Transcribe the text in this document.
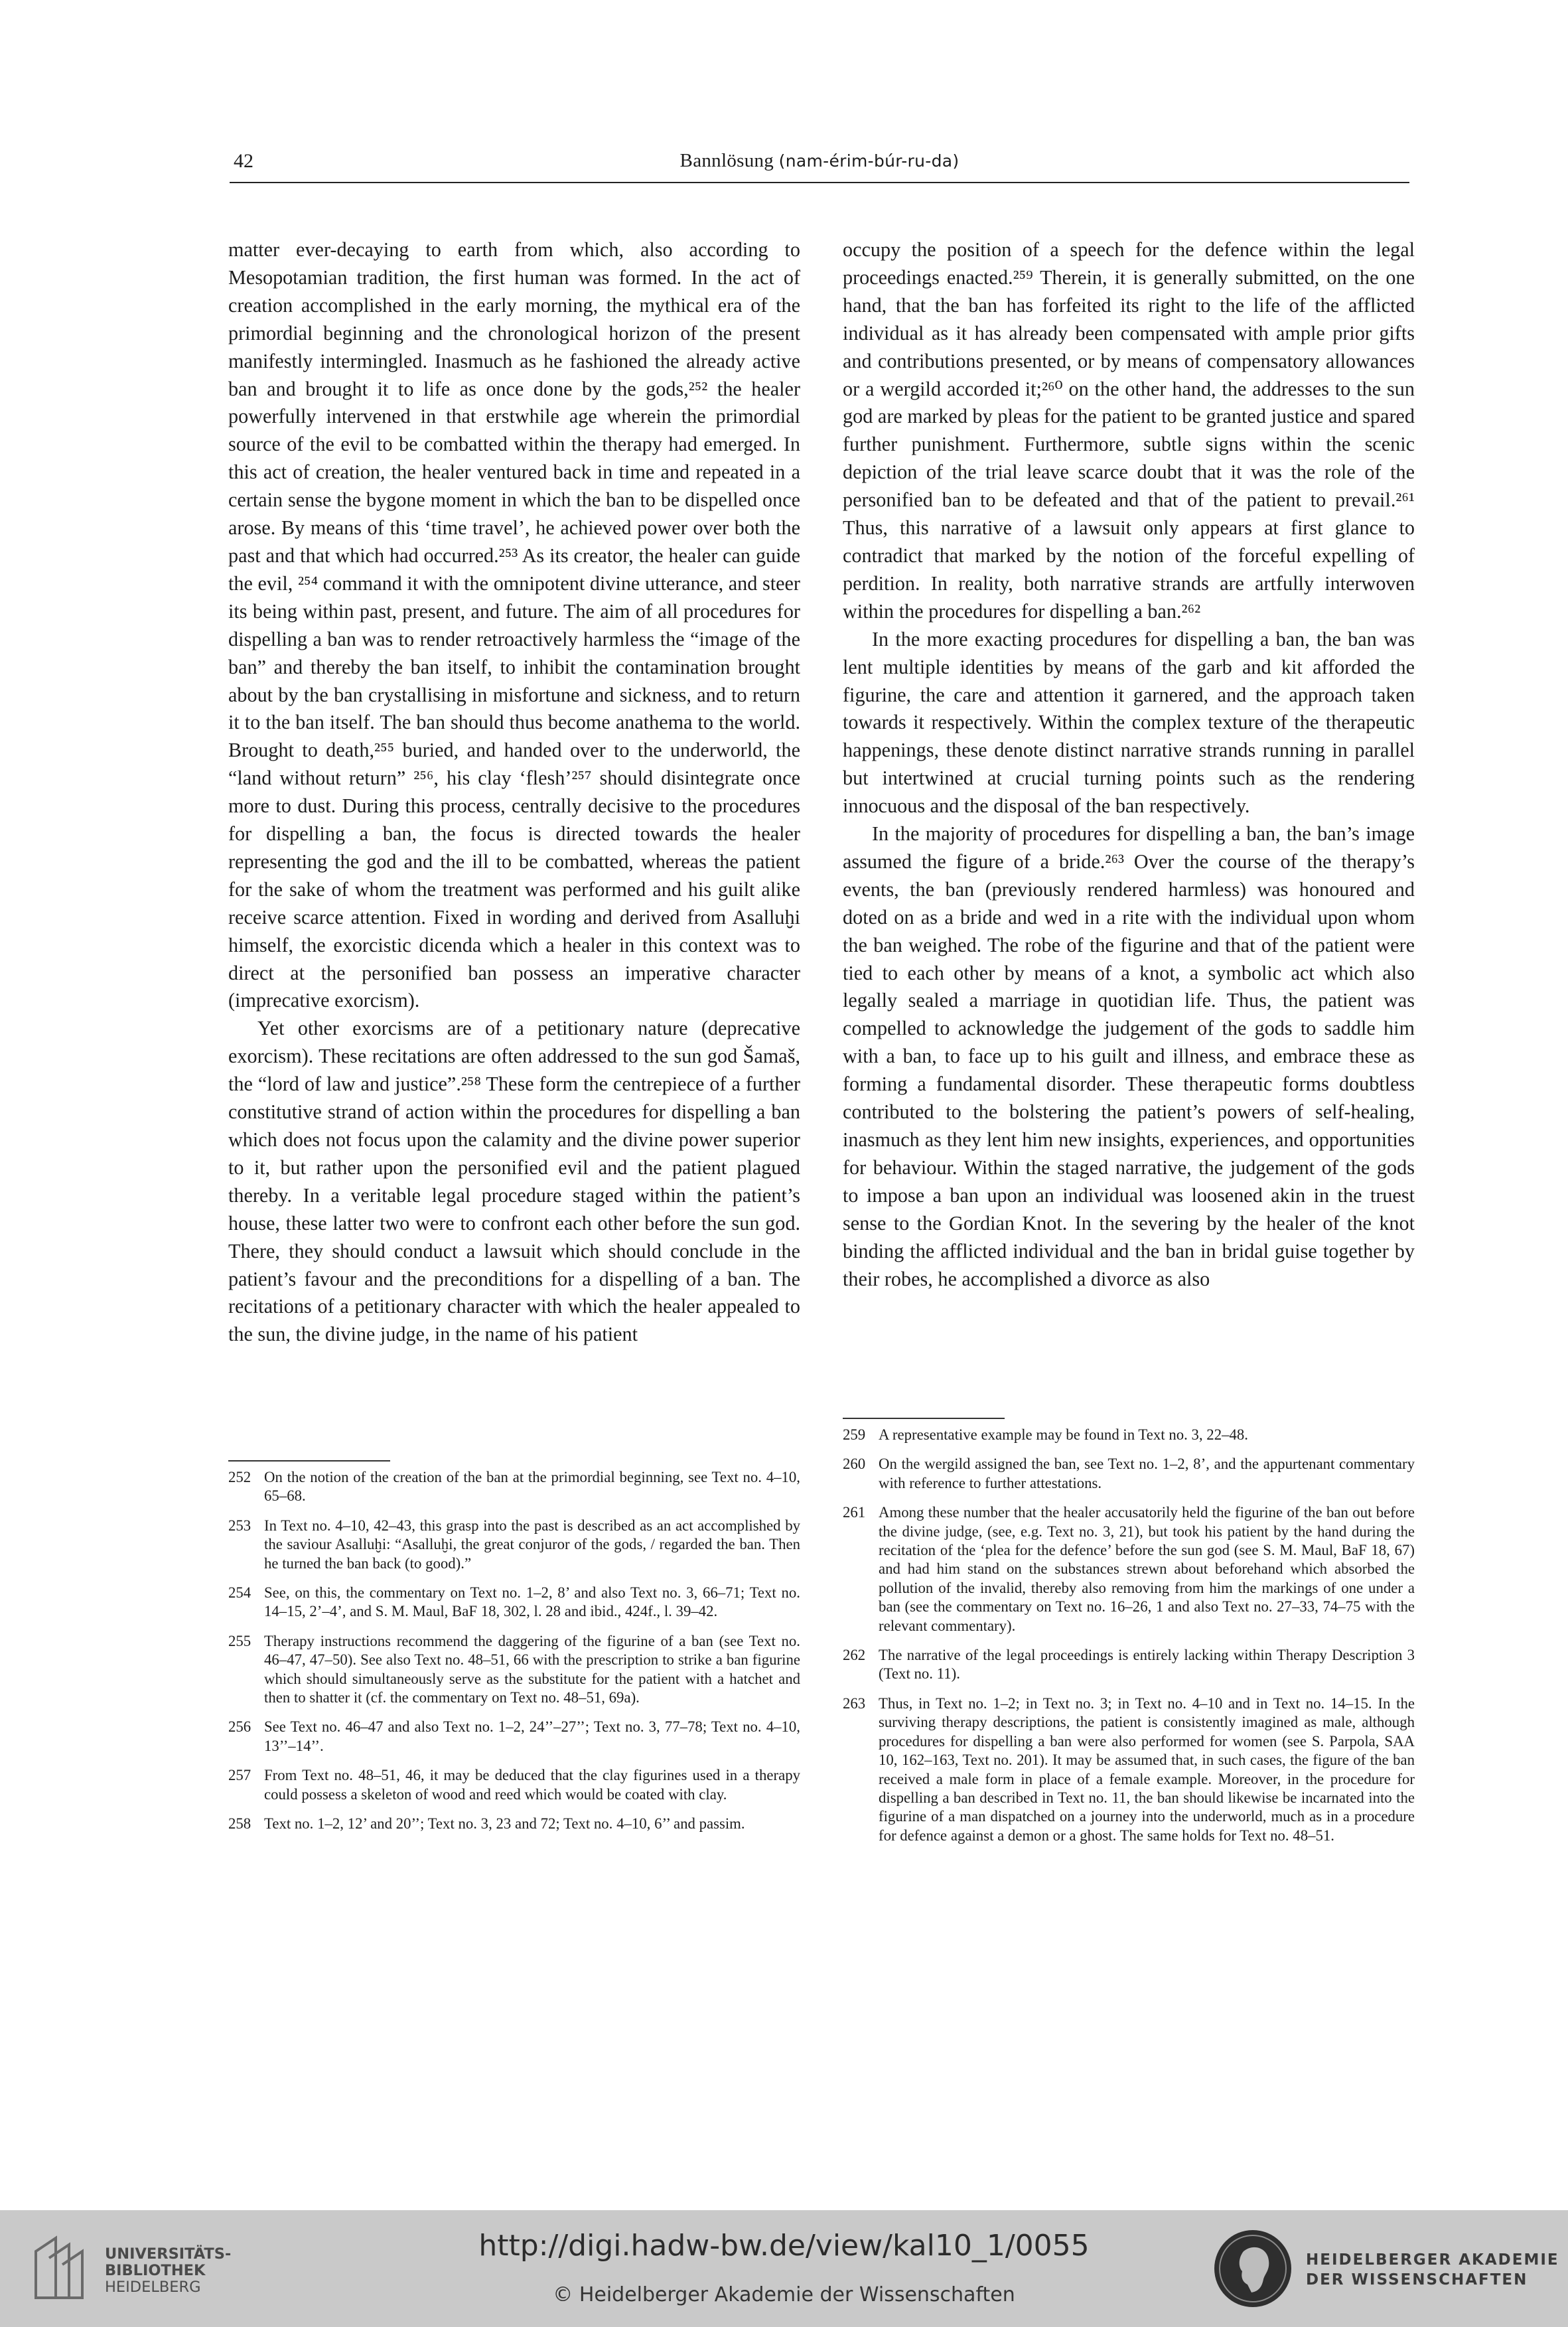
42	Bannlösung (nam-érim-búr-ru-da)

matter ever-decaying to earth from which, also according to Mesopotamian tradition, the first human was formed. In the act of creation accomplished in the early morning, the mythical era of the primordial beginning and the chronological horizon of the present manifestly intermingled. Inasmuch as he fashioned the already active ban and brought it to life as once done by the gods,²⁵² the healer powerfully intervened in that erstwhile age wherein the primordial source of the evil to be combatted within the therapy had emerged. In this act of creation, the healer ventured back in time and repeated in a certain sense the bygone moment in which the ban to be dispelled once arose. By means of this ‘time travel’, he achieved power over both the past and that which had occurred.²⁵³ As its creator, the healer can guide the evil, ²⁵⁴ command it with the omnipotent divine utterance, and steer its being within past, present, and future. The aim of all procedures for dispelling a ban was to render retroactively harmless the “image of the ban” and thereby the ban itself, to inhibit the contamination brought about by the ban crystallising in misfortune and sickness, and to return it to the ban itself. The ban should thus become anathema to the world. Brought to death,²⁵⁵ buried, and handed over to the underworld, the “land without return” ²⁵⁶, his clay ‘flesh’²⁵⁷ should disintegrate once more to dust. During this process, centrally decisive to the procedures for dispelling a ban, the focus is directed towards the healer representing the god and the ill to be combatted, whereas the patient for the sake of whom the treatment was performed and his guilt alike receive scarce attention. Fixed in wording and derived from Asalluḫi himself, the exorcistic dicenda which a healer in this context was to direct at the personified ban possess an imperative character (imprecative exorcism).

Yet other exorcisms are of a petitionary nature (deprecative exorcism). These recitations are often addressed to the sun god Šamaš, the “lord of law and justice”.²⁵⁸ These form the centrepiece of a further constitutive strand of action within the procedures for dispelling a ban which does not focus upon the calamity and the divine power superior to it, but rather upon the personified evil and the patient plagued thereby. In a veritable legal procedure staged within the patient’s house, these latter two were to confront each other before the sun god. There, they should conduct a lawsuit which should conclude in the patient’s favour and the preconditions for a dispelling of a ban. The recitations of a petitionary character with which the healer appealed to the sun, the divine judge, in the name of his patient

occupy the position of a speech for the defence within the legal proceedings enacted.²⁵⁹ Therein, it is generally submitted, on the one hand, that the ban has forfeited its right to the life of the afflicted individual as it has already been compensated with ample prior gifts and contributions presented, or by means of compensatory allowances or a wergild accorded it;²⁶⁰ on the other hand, the addresses to the sun god are marked by pleas for the patient to be granted justice and spared further punishment. Furthermore, subtle signs within the scenic depiction of the trial leave scarce doubt that it was the role of the personified ban to be defeated and that of the patient to prevail.²⁶¹ Thus, this narrative of a lawsuit only appears at first glance to contradict that marked by the notion of the forceful expelling of perdition. In reality, both narrative strands are artfully interwoven within the procedures for dispelling a ban.²⁶²

In the more exacting procedures for dispelling a ban, the ban was lent multiple identities by means of the garb and kit afforded the figurine, the care and attention it garnered, and the approach taken towards it respectively. Within the complex texture of the therapeutic happenings, these denote distinct narrative strands running in parallel but intertwined at crucial turning points such as the rendering innocuous and the disposal of the ban respectively.

In the majority of procedures for dispelling a ban, the ban’s image assumed the figure of a bride.²⁶³ Over the course of the therapy’s events, the ban (previously rendered harmless) was honoured and doted on as a bride and wed in a rite with the individual upon whom the ban weighed. The robe of the figurine and that of the patient were tied to each other by means of a knot, a symbolic act which also legally sealed a marriage in quotidian life. Thus, the patient was compelled to acknowledge the judgement of the gods to saddle him with a ban, to face up to his guilt and illness, and embrace these as forming a fundamental disorder. These therapeutic forms doubtless contributed to the bolstering the patient’s powers of self-healing, inasmuch as they lent him new insights, experiences, and opportunities for behaviour. Within the staged narrative, the judgement of the gods to impose a ban upon an individual was loosened akin in the truest sense to the Gordian Knot. In the severing by the healer of the knot binding the afflicted individual and the ban in bridal guise together by their robes, he accomplished a divorce as also

252 On the notion of the creation of the ban at the primordial beginning, see Text no. 4–10, 65–68.
253 In Text no. 4–10, 42–43, this grasp into the past is described as an act accomplished by the saviour Asalluḫi: “Asalluḫi, the great conjuror of the gods, / regarded the ban. Then he turned the ban back (to good).”
254 See, on this, the commentary on Text no. 1–2, 8’ and also Text no. 3, 66–71; Text no. 14–15, 2’–4’, and S. M. Maul, BaF 18, 302, l. 28 and ibid., 424f., l. 39–42.
255 Therapy instructions recommend the daggering of the figurine of a ban (see Text no. 46–47, 47–50). See also Text no. 48–51, 66 with the prescription to strike a ban figurine which should simultaneously serve as the substitute for the patient with a hatchet and then to shatter it (cf. the commentary on Text no. 48–51, 69a).
256 See Text no. 46–47 and also Text no. 1–2, 24’’–27’’; Text no. 3, 77–78; Text no. 4–10, 13’’–14’’.
257 From Text no. 48–51, 46, it may be deduced that the clay figurines used in a therapy could possess a skeleton of wood and reed which would be coated with clay.
258 Text no. 1–2, 12’ and 20’’; Text no. 3, 23 and 72; Text no. 4–10, 6’’ and passim.
259 A representative example may be found in Text no. 3, 22–48.
260 On the wergild assigned the ban, see Text no. 1–2, 8’, and the appurtenant commentary with reference to further attestations.
261 Among these number that the healer accusatorily held the figurine of the ban out before the divine judge, (see, e.g. Text no. 3, 21), but took his patient by the hand during the recitation of the ‘plea for the defence’ before the sun god (see S. M. Maul, BaF 18, 67) and had him stand on the substances strewn about beforehand which absorbed the pollution of the invalid, thereby also removing from him the markings of one under a ban (see the commentary on Text no. 16–26, 1 and also Text no. 27–33, 74–75 with the relevant commentary).
262 The narrative of the legal proceedings is entirely lacking within Therapy Description 3 (Text no. 11).
263 Thus, in Text no. 1–2; in Text no. 3; in Text no. 4–10 and in Text no. 14–15. In the surviving therapy descriptions, the patient is consistently imagined as male, although procedures for dispelling a ban were also performed for women (see S. Parpola, SAA 10, 162–163, Text no. 201). It may be assumed that, in such cases, the figure of the ban received a male form in place of a female example. Moreover, in the procedure for dispelling a ban described in Text no. 11, the ban should likewise be incarnated into the figurine of a man dispatched on a journey into the underworld, much as in a procedure for defence against a demon or a ghost. The same holds for Text no. 48–51.
UNIVERSITÄTS-
BIBLIOTHEK
HEIDELBERG
http://digi.hadw-bw.de/view/kal10_1/0055
© Heidelberger Akademie der Wissenschaften
HEIDELBERGER AKADEMIE
DER WISSENSCHAFTEN
